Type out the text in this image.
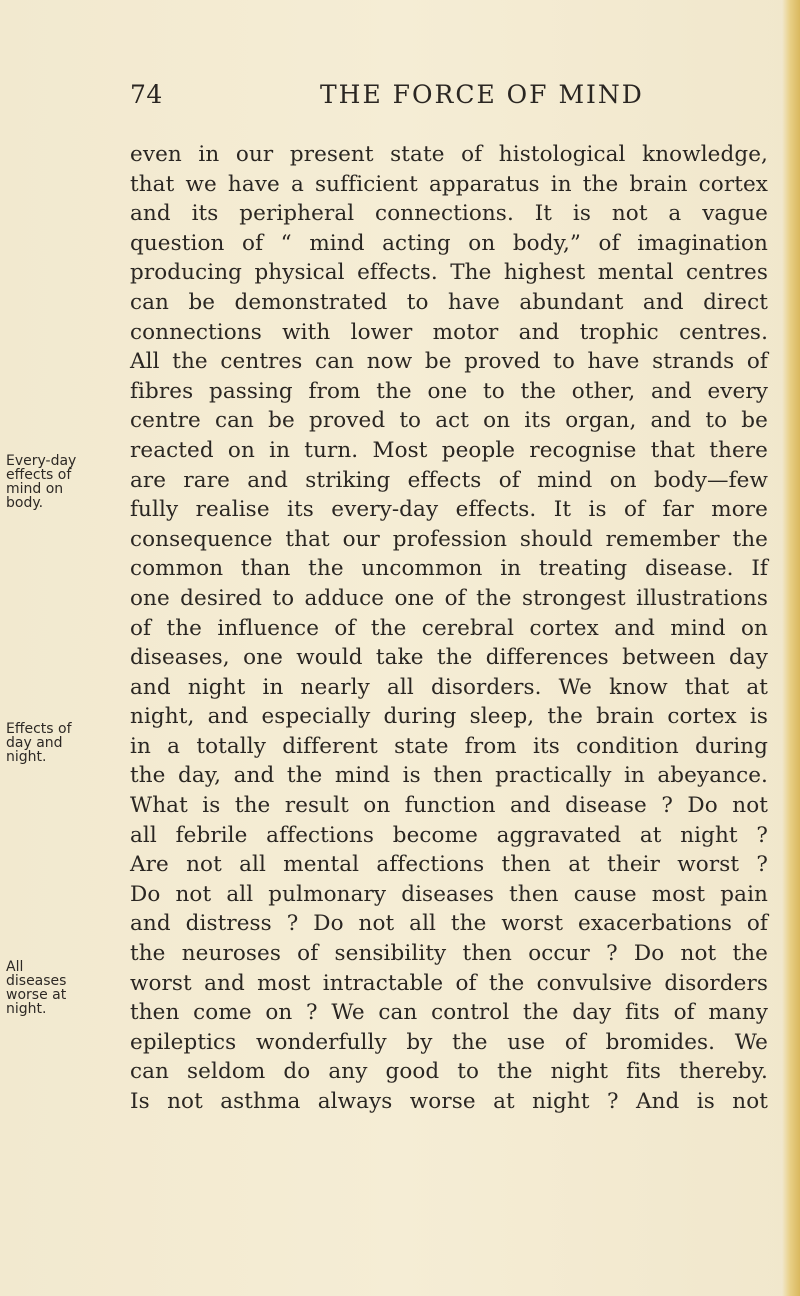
74	THE FORCE OF MIND
Every-day
effects of
mind on
body.
Effects of
day and
night.
All
diseases
worse at
night.
even in our present state of histological knowledge,
that we have a sufficient apparatus in the brain cortex
and its peripheral connections. It is not a vague
question of “ mind acting on body,” of imagination
producing physical effects. The highest mental centres
can be demonstrated to have abundant and direct
connections with lower motor and trophic centres.
All the centres can now be proved to have strands of
fibres passing from the one to the other, and every
centre can be proved to act on its organ, and to be
reacted on in turn. Most people recognise that there
are rare and striking effects of mind on body—few
fully realise its every-day effects. It is of far more
consequence that our profession should remember the
common than the uncommon in treating disease. If
one desired to adduce one of the strongest illustrations
of the influence of the cerebral cortex and mind on
diseases, one would take the differences between day
and night in nearly all disorders. We know that at
night, and especially during sleep, the brain cortex is
in a totally different state from its condition during
the day, and the mind is then practically in abeyance.
What is the result on function and disease ? Do not
all febrile affections become aggravated at night ?
Are not all mental affections then at their worst ?
Do not all pulmonary diseases then cause most pain
and distress ? Do not all the worst exacerbations of
the neuroses of sensibility then occur ? Do not the
worst and most intractable of the convulsive disorders
then come on ? We can control the day fits of many
epileptics wonderfully by the use of bromides. We
can seldom do any good to the night fits thereby.
Is not asthma always worse at night ? And is not
